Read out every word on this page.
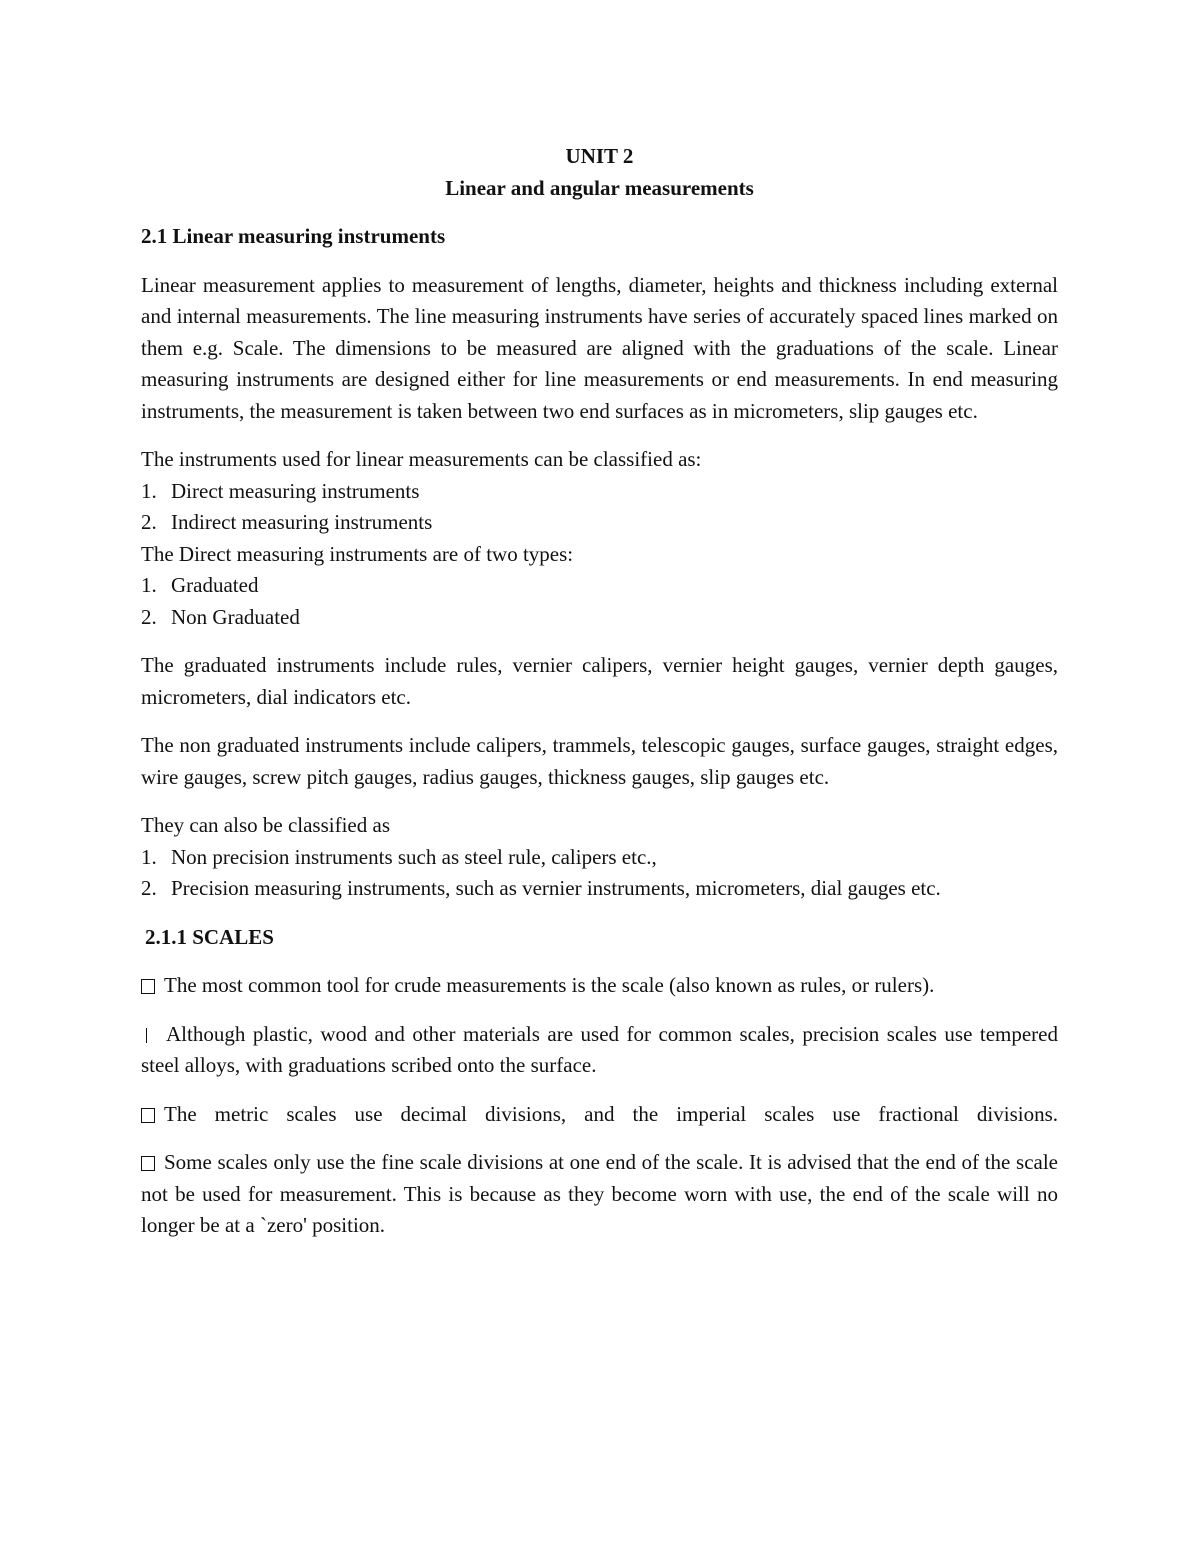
UNIT 2
Linear and angular measurements
2.1 Linear measuring instruments

Linear measurement applies to measurement of lengths, diameter, heights and thickness including external and internal measurements. The line measuring instruments have series of accurately spaced lines marked on them e.g. Scale. The dimensions to be measured are aligned with the graduations of the scale. Linear measuring instruments are designed either for line measurements or end measurements. In end measuring instruments, the measurement is taken between two end surfaces as in micrometers, slip gauges etc.

The instruments used for linear measurements can be classified as:

1. Direct measuring instruments
2. Indirect measuring instruments

The Direct measuring instruments are of two types:

1. Graduated
2. Non Graduated

The graduated instruments include rules, vernier calipers, vernier height gauges, vernier depth gauges, micrometers, dial indicators etc.

The non graduated instruments include calipers, trammels, telescopic gauges, surface gauges, straight edges, wire gauges, screw pitch gauges, radius gauges, thickness gauges, slip gauges etc.

They can also be classified as

1. Non precision instruments such as steel rule, calipers etc.,
2. Precision measuring instruments, such as vernier instruments, micrometers, dial gauges etc.
2.1.1 SCALES

The most common tool for crude measurements is the scale (also known as rules, or rulers).

Although plastic, wood and other materials are used for common scales, precision scales use tempered steel alloys, with graduations scribed onto the surface.

The metric scales use decimal divisions, and the imperial scales use fractional divisions.

Some scales only use the fine scale divisions at one end of the scale. It is advised that the end of the scale not be used for measurement. This is because as they become worn with use, the end of the scale will no longer be at a `zero' position.
